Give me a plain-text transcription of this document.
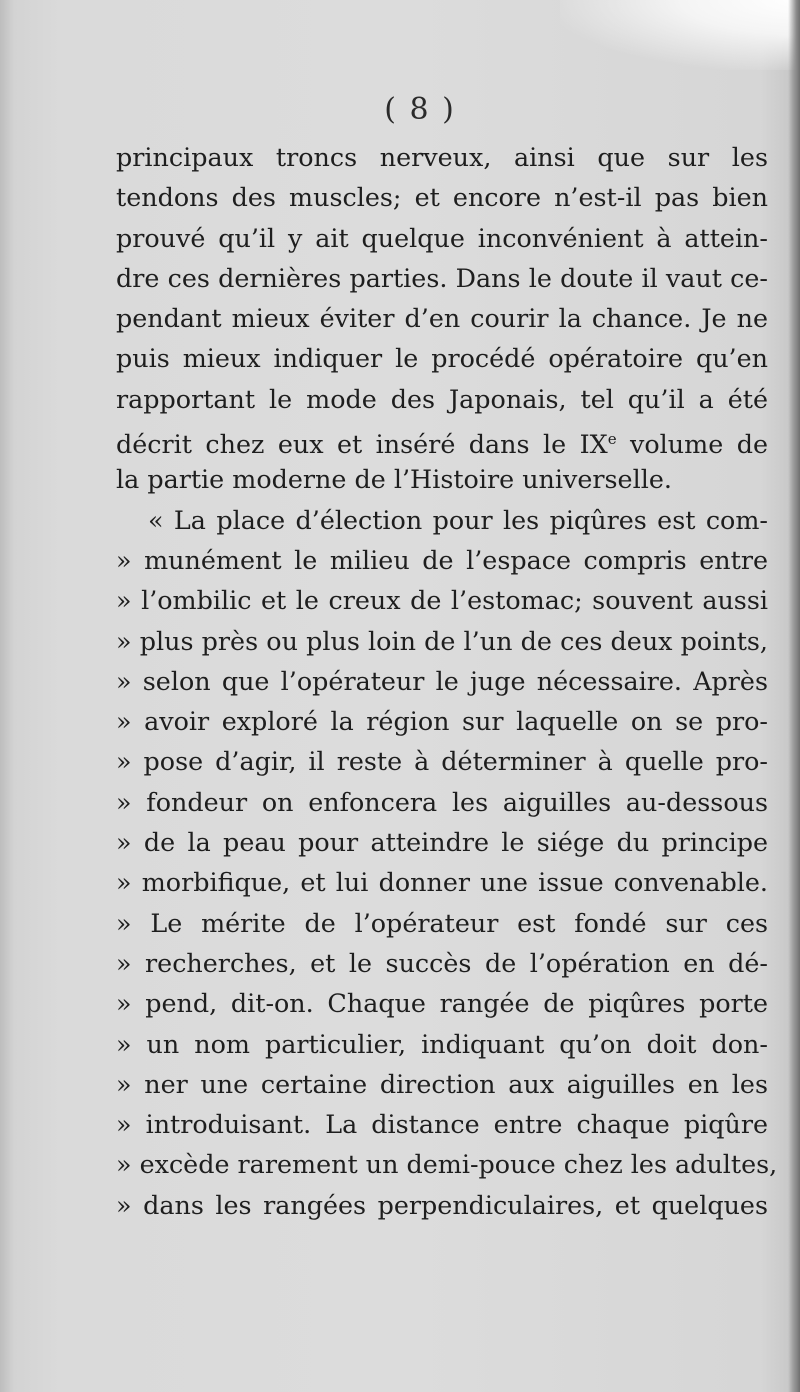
( 8 )
principaux troncs nerveux, ainsi que sur les
tendons des muscles; et encore n’est-il pas bien
prouvé qu’il y ait quelque inconvénient à attein-
dre ces dernières parties. Dans le doute il vaut ce-
pendant mieux éviter d’en courir la chance. Je ne
puis mieux indiquer le procédé opératoire qu’en
rapportant le mode des Japonais, tel qu’il a été
décrit chez eux et inséré dans le IXe volume de
la partie moderne de l’Histoire universelle.
« La place d’élection pour les piqûres est com-
» munément le milieu de l’espace compris entre
» l’ombilic et le creux de l’estomac; souvent aussi
» plus près ou plus loin de l’un de ces deux points,
» selon que l’opérateur le juge nécessaire. Après
» avoir exploré la région sur laquelle on se pro-
» pose d’agir, il reste à déterminer à quelle pro-
» fondeur on enfoncera les aiguilles au-dessous
» de la peau pour atteindre le siége du principe
» morbifique, et lui donner une issue convenable.
» Le mérite de l’opérateur est fondé sur ces
» recherches, et le succès de l’opération en dé-
» pend, dit-on. Chaque rangée de piqûres porte
» un nom particulier, indiquant qu’on doit don-
» ner une certaine direction aux aiguilles en les
» introduisant. La distance entre chaque piqûre
» excède rarement un demi-pouce chez les adultes,
» dans les rangées perpendiculaires, et quelques
